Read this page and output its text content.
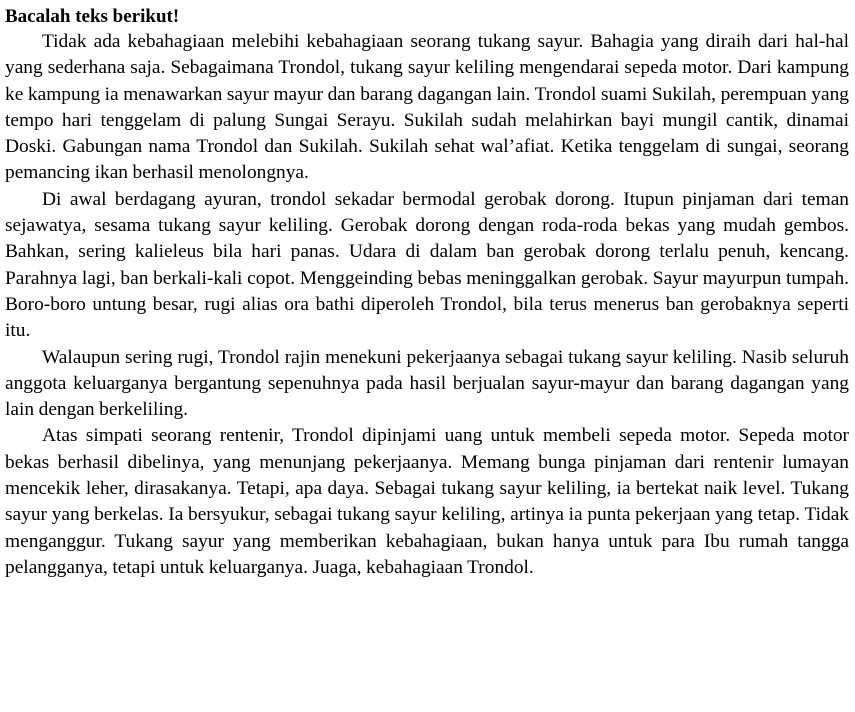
Bacalah teks berikut!

Tidak ada kebahagiaan melebihi kebahagiaan seorang tukang sayur. Bahagia yang diraih dari hal-hal yang sederhana saja. Sebagaimana Trondol, tukang sayur keliling mengendarai sepeda motor. Dari kampung ke kampung ia menawarkan sayur mayur dan barang dagangan lain. Trondol suami Sukilah, perempuan yang tempo hari tenggelam di palung Sungai Serayu. Sukilah sudah melahirkan bayi mungil cantik, dinamai Doski. Gabungan nama Trondol dan Sukilah. Sukilah sehat wal’afiat. Ketika tenggelam di sungai, seorang pemancing ikan berhasil menolongnya.

Di awal berdagang ayuran, trondol sekadar bermodal gerobak dorong. Itupun pinjaman dari teman sejawatya, sesama tukang sayur keliling. Gerobak dorong dengan roda-roda bekas yang mudah gembos. Bahkan, sering kalieleus bila hari panas. Udara di dalam ban gerobak dorong terlalu penuh, kencang. Parahnya lagi, ban berkali-kali copot. Menggeinding bebas meninggalkan gerobak. Sayur mayurpun tumpah. Boro-boro untung besar, rugi alias ora bathi diperoleh Trondol, bila terus menerus ban gerobaknya seperti itu.

Walaupun sering rugi, Trondol rajin menekuni pekerjaanya sebagai tukang sayur keliling. Nasib seluruh anggota keluarganya bergantung sepenuhnya pada hasil berjualan sayur-mayur dan barang dagangan yang lain dengan berkeliling.

Atas simpati seorang rentenir, Trondol dipinjami uang untuk membeli sepeda motor. Sepeda motor bekas berhasil dibelinya, yang menunjang pekerjaanya. Memang bunga pinjaman dari rentenir lumayan mencekik leher, dirasakanya. Tetapi, apa daya. Sebagai tukang sayur keliling, ia bertekat naik level. Tukang sayur yang berkelas. Ia bersyukur, sebagai tukang sayur keliling, artinya ia punta pekerjaan yang tetap. Tidak menganggur. Tukang sayur yang memberikan kebahagiaan, bukan hanya untuk para Ibu rumah tangga pelangganya, tetapi untuk keluarganya. Juaga, kebahagiaan Trondol.
